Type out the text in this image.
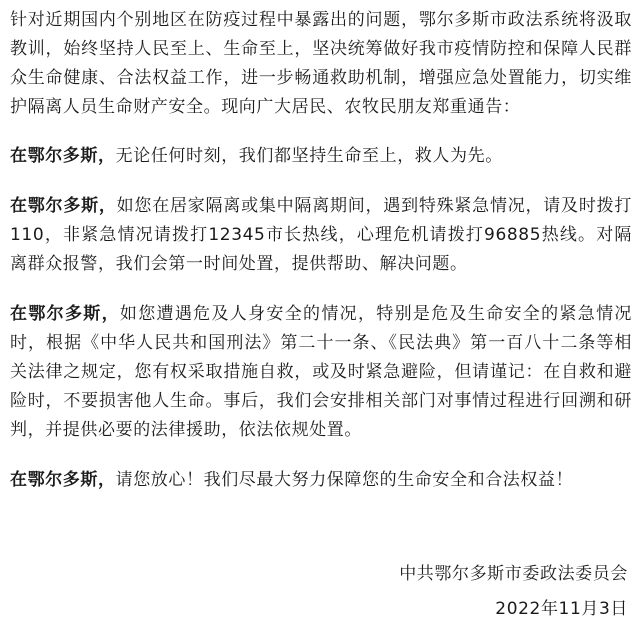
针对近期国内个别地区在防疫过程中暴露出的问题，鄂尔多斯市政法系统将汲取教训，始终坚持人民至上、生命至上，坚决统筹做好我市疫情防控和保障人民群众生命健康、合法权益工作，进一步畅通救助机制，增强应急处置能力，切实维护隔离人员生命财产安全。现向广大居民、农牧民朋友郑重通告：

在鄂尔多斯，无论任何时刻，我们都坚持生命至上，救人为先。

在鄂尔多斯，如您在居家隔离或集中隔离期间，遇到特殊紧急情况，请及时拨打110，非紧急情况请拨打12345市长热线，心理危机请拨打96885热线。对隔离群众报警，我们会第一时间处置，提供帮助、解决问题。

在鄂尔多斯，如您遭遇危及人身安全的情况，特别是危及生命安全的紧急情况时，根据《中华人民共和国刑法》第二十一条、《民法典》第一百八十二条等相关法律之规定，您有权采取措施自救，或及时紧急避险，但请谨记：在自救和避险时，不要损害他人生命。事后，我们会安排相关部门对事情过程进行回溯和研判，并提供必要的法律援助，依法依规处置。

在鄂尔多斯，请您放心！我们尽最大努力保障您的生命安全和合法权益！

中共鄂尔多斯市委政法委员会
2022年11月3日
